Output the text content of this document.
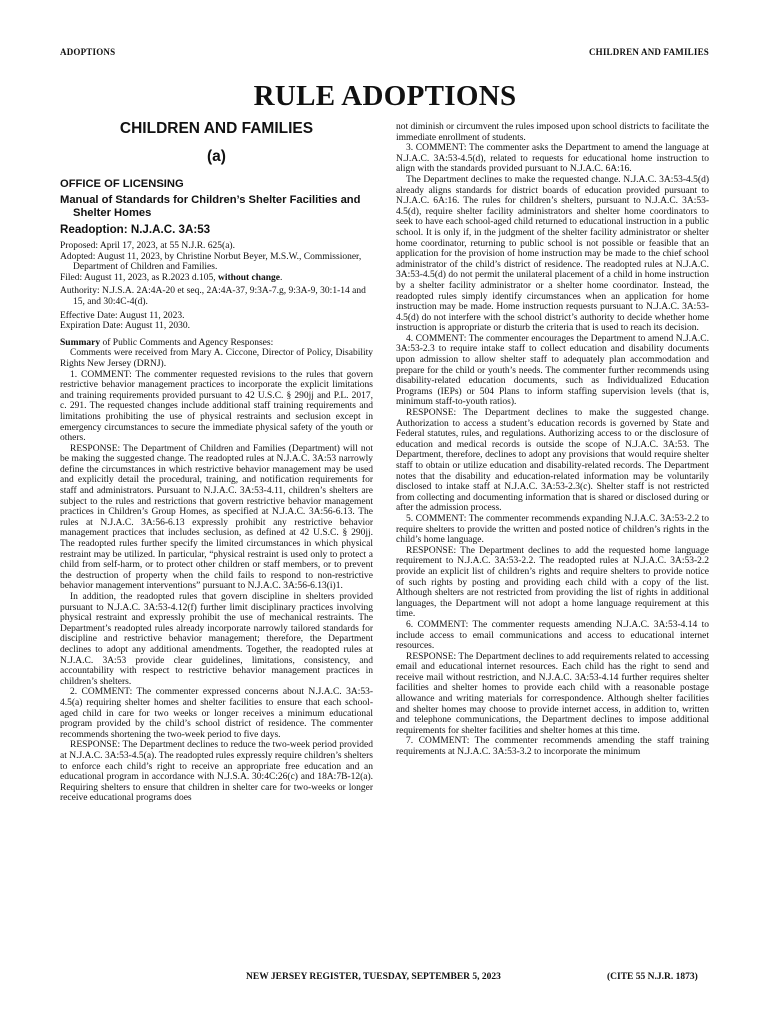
ADOPTIONS	CHILDREN AND FAMILIES
RULE ADOPTIONS

CHILDREN AND FAMILIES

(a)

OFFICE OF LICENSING

Manual of Standards for Children’s Shelter Facilities and Shelter Homes

Readoption: N.J.A.C. 3A:53

Proposed: April 17, 2023, at 55 N.J.R. 625(a).

Adopted: August 11, 2023, by Christine Norbut Beyer, M.S.W., Commissioner, Department of Children and Families.

Filed: August 11, 2023, as R.2023 d.105, without change.

Authority: N.J.S.A. 2A:4A-20 et seq., 2A:4A-37, 9:3A-7.g, 9:3A-9, 30:1-14 and 15, and 30:4C-4(d).

Effective Date: August 11, 2023.

Expiration Date: August 11, 2030.

Summary of Public Comments and Agency Responses:

Comments were received from Mary A. Ciccone, Director of Policy, Disability Rights New Jersey (DRNJ).

1. COMMENT: The commenter requested revisions to the rules that govern restrictive behavior management practices to incorporate the explicit limitations and training requirements provided pursuant to 42 U.S.C. § 290jj and P.L. 2017, c. 291. The requested changes include additional staff training requirements and limitations prohibiting the use of physical restraints and seclusion except in emergency circumstances to secure the immediate physical safety of the youth or others.

RESPONSE: The Department of Children and Families (Department) will not be making the suggested change. The readopted rules at N.J.A.C. 3A:53 narrowly define the circumstances in which restrictive behavior management may be used and explicitly detail the procedural, training, and notification requirements for staff and administrators. Pursuant to N.J.A.C. 3A:53-4.11, children’s shelters are subject to the rules and restrictions that govern restrictive behavior management practices in Children’s Group Homes, as specified at N.J.A.C. 3A:56-6.13. The rules at N.J.A.C. 3A:56-6.13 expressly prohibit any restrictive behavior management practices that includes seclusion, as defined at 42 U.S.C. § 290jj. The readopted rules further specify the limited circumstances in which physical restraint may be utilized. In particular, “physical restraint is used only to protect a child from self-harm, or to protect other children or staff members, or to prevent the destruction of property when the child fails to respond to non-restrictive behavior management interventions” pursuant to N.J.A.C. 3A:56-6.13(i)1.

In addition, the readopted rules that govern discipline in shelters provided pursuant to N.J.A.C. 3A:53-4.12(f) further limit disciplinary practices involving physical restraint and expressly prohibit the use of mechanical restraints. The Department’s readopted rules already incorporate narrowly tailored standards for discipline and restrictive behavior management; therefore, the Department declines to adopt any additional amendments. Together, the readopted rules at N.J.A.C. 3A:53 provide clear guidelines, limitations, consistency, and accountability with respect to restrictive behavior management practices in children’s shelters.

2. COMMENT: The commenter expressed concerns about N.J.A.C. 3A:53-4.5(a) requiring shelter homes and shelter facilities to ensure that each school-aged child in care for two weeks or longer receives a minimum educational program provided by the child’s school district of residence. The commenter recommends shortening the two-week period to five days.

RESPONSE: The Department declines to reduce the two-week period provided at N.J.A.C. 3A:53-4.5(a). The readopted rules expressly require children’s shelters to enforce each child’s right to receive an appropriate free education and an educational program in accordance with N.J.S.A. 30:4C:26(c) and 18A:7B-12(a). Requiring shelters to ensure that children in shelter care for two-weeks or longer receive educational programs does

not diminish or circumvent the rules imposed upon school districts to facilitate the immediate enrollment of students.

3. COMMENT: The commenter asks the Department to amend the language at N.J.A.C. 3A:53-4.5(d), related to requests for educational home instruction to align with the standards provided pursuant to N.J.A.C. 6A:16.

The Department declines to make the requested change. N.J.A.C. 3A:53-4.5(d) already aligns standards for district boards of education provided pursuant to N.J.A.C. 6A:16. The rules for children’s shelters, pursuant to N.J.A.C. 3A:53-4.5(d), require shelter facility administrators and shelter home coordinators to seek to have each school-aged child returned to educational instruction in a public school. It is only if, in the judgment of the shelter facility administrator or shelter home coordinator, returning to public school is not possible or feasible that an application for the provision of home instruction may be made to the chief school administrator of the child’s district of residence. The readopted rules at N.J.A.C. 3A:53-4.5(d) do not permit the unilateral placement of a child in home instruction by a shelter facility administrator or a shelter home coordinator. Instead, the readopted rules simply identify circumstances when an application for home instruction may be made. Home instruction requests pursuant to N.J.A.C. 3A:53-4.5(d) do not interfere with the school district’s authority to decide whether home instruction is appropriate or disturb the criteria that is used to reach its decision.

4. COMMENT: The commenter encourages the Department to amend N.J.A.C. 3A:53-2.3 to require intake staff to collect education and disability documents upon admission to allow shelter staff to adequately plan accommodation and prepare for the child or youth’s needs. The commenter further recommends using disability-related education documents, such as Individualized Education Programs (IEPs) or 504 Plans to inform staffing supervision levels (that is, minimum staff-to-youth ratios).

RESPONSE: The Department declines to make the suggested change. Authorization to access a student’s education records is governed by State and Federal statutes, rules, and regulations. Authorizing access to or the disclosure of education and medical records is outside the scope of N.J.A.C. 3A:53. The Department, therefore, declines to adopt any provisions that would require shelter staff to obtain or utilize education and disability-related records. The Department notes that the disability and education-related information may be voluntarily disclosed to intake staff at N.J.A.C. 3A:53-2.3(c). Shelter staff is not restricted from collecting and documenting information that is shared or disclosed during or after the admission process.

5. COMMENT: The commenter recommends expanding N.J.A.C. 3A:53-2.2 to require shelters to provide the written and posted notice of children’s rights in the child’s home language.

RESPONSE: The Department declines to add the requested home language requirement to N.J.A.C. 3A:53-2.2. The readopted rules at N.J.A.C. 3A:53-2.2 provide an explicit list of children’s rights and require shelters to provide notice of such rights by posting and providing each child with a copy of the list. Although shelters are not restricted from providing the list of rights in additional languages, the Department will not adopt a home language requirement at this time.

6. COMMENT: The commenter requests amending N.J.A.C. 3A:53-4.14 to include access to email communications and access to educational internet resources.

RESPONSE: The Department declines to add requirements related to accessing email and educational internet resources. Each child has the right to send and receive mail without restriction, and N.J.A.C. 3A:53-4.14 further requires shelter facilities and shelter homes to provide each child with a reasonable postage allowance and writing materials for correspondence. Although shelter facilities and shelter homes may choose to provide internet access, in addition to, written and telephone communications, the Department declines to impose additional requirements for shelter facilities and shelter homes at this time.

7. COMMENT: The commenter recommends amending the staff training requirements at N.J.A.C. 3A:53-3.2 to incorporate the minimum

NEW JERSEY REGISTER, TUESDAY, SEPTEMBER 5, 2023	(CITE 55 N.J.R. 1873)
